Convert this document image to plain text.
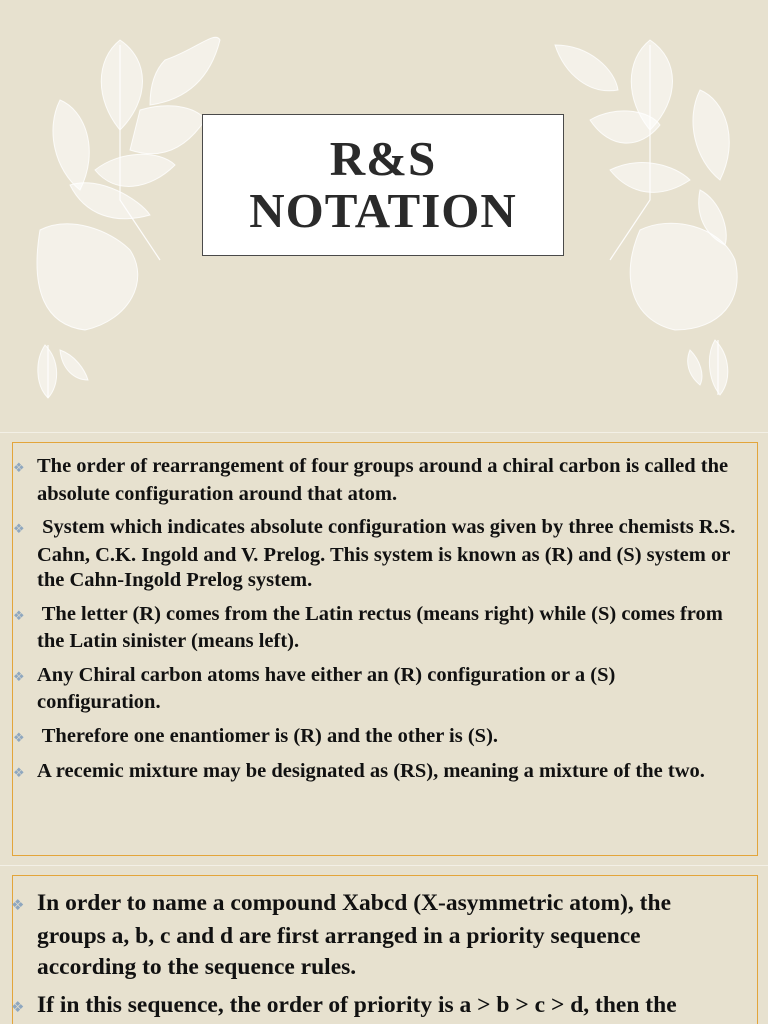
R&S
NOTATION
❖ The order of rearrangement of four groups around a chiral carbon is called the absolute configuration around that atom.
❖ System which indicates absolute configuration was given by three chemists R.S. Cahn, C.K. Ingold and V. Prelog. This system is known as (R) and (S) system or the Cahn-Ingold Prelog system.
❖ The letter (R) comes from the Latin rectus (means right) while (S) comes from the Latin sinister (means left).
❖ Any Chiral carbon atoms have either an (R) configuration or a (S) configuration.
❖ Therefore one enantiomer is (R) and the other is (S).
❖ A recemic mixture may be designated as (RS), meaning a mixture of the two.
❖ In order to name a compound Xabcd (X-asymmetric atom), the groups a, b, c and d are first arranged in a priority sequence according to the sequence rules.
❖ If in this sequence, the order of priority is a > b > c > d, then the
